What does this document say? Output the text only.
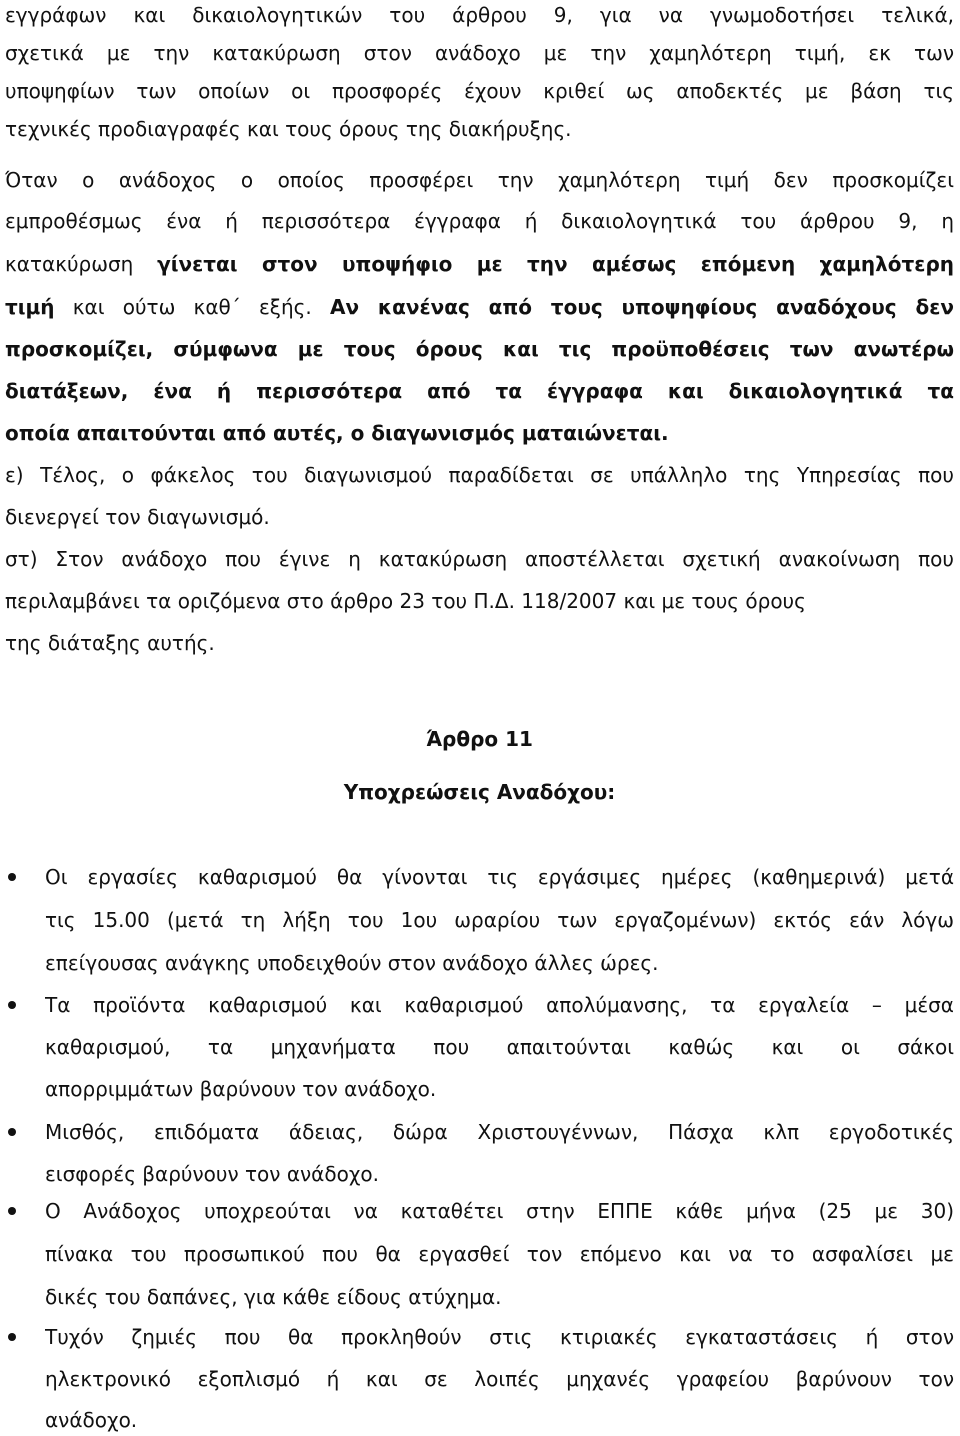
εγγράφων και δικαιολογητικών του άρθρου 9, για να γνωμοδοτήσει τελικά,
σχετικά με την κατακύρωση στον ανάδοχο με την χαμηλότερη τιμή, εκ των
υποψηφίων των οποίων οι προσφορές έχουν κριθεί ως αποδεκτές με βάση τις
τεχνικές προδιαγραφές και τους όρους της διακήρυξης.
Όταν ο ανάδοχος ο οποίος προσφέρει την χαμηλότερη τιμή δεν προσκομίζει
εμπροθέσμως ένα ή περισσότερα έγγραφα ή δικαιολογητικά του άρθρου 9, η
κατακύρωση γίνεται στον υποψήφιο με την αμέσως επόμενη χαμηλότερη
τιμή και ούτω καθ΄ εξής. Αν κανένας από τους υποψηφίους αναδόχους δεν
προσκομίζει, σύμφωνα με τους όρους και τις προϋποθέσεις των ανωτέρω
διατάξεων, ένα ή περισσότερα από τα έγγραφα και δικαιολογητικά τα
οποία απαιτούνται από αυτές, ο διαγωνισμός ματαιώνεται.
ε) Τέλος, ο φάκελος του διαγωνισμού παραδίδεται σε υπάλληλο της Υπηρεσίας που
διενεργεί τον διαγωνισμό.
στ) Στον ανάδοχο που έγινε η κατακύρωση αποστέλλεται σχετική ανακοίνωση που
περιλαμβάνει τα οριζόμενα στο άρθρο 23 του Π.Δ. 118/2007 και με τους όρους
της διάταξης αυτής.
Άρθρο 11
Υποχρεώσεις Αναδόχου:
Οι εργασίες καθαρισμού θα γίνονται τις εργάσιμες ημέρες (καθημερινά) μετά
τις 15.00 (μετά τη λήξη του 1ου ωραρίου των εργαζομένων) εκτός εάν λόγω
επείγουσας ανάγκης υποδειχθούν στον ανάδοχο άλλες ώρες.
Τα προϊόντα καθαρισμού και καθαρισμού απολύμανσης, τα εργαλεία – μέσα
καθαρισμού, τα μηχανήματα που απαιτούνται καθώς και οι σάκοι
απορριμμάτων βαρύνουν τον ανάδοχο.
Μισθός, επιδόματα άδειας, δώρα Χριστουγέννων, Πάσχα κλπ εργοδοτικές
εισφορές βαρύνουν τον ανάδοχο.
Ο Ανάδοχος υποχρεούται να καταθέτει στην ΕΠΠΕ κάθε μήνα (25 με 30)
πίνακα του προσωπικού που θα εργασθεί τον επόμενο και να το ασφαλίσει με
δικές του δαπάνες, για κάθε είδους ατύχημα.
Τυχόν ζημιές που θα προκληθούν στις κτιριακές εγκαταστάσεις ή στον
ηλεκτρονικό εξοπλισμό ή και σε λοιπές μηχανές γραφείου βαρύνουν τον
ανάδοχο.
